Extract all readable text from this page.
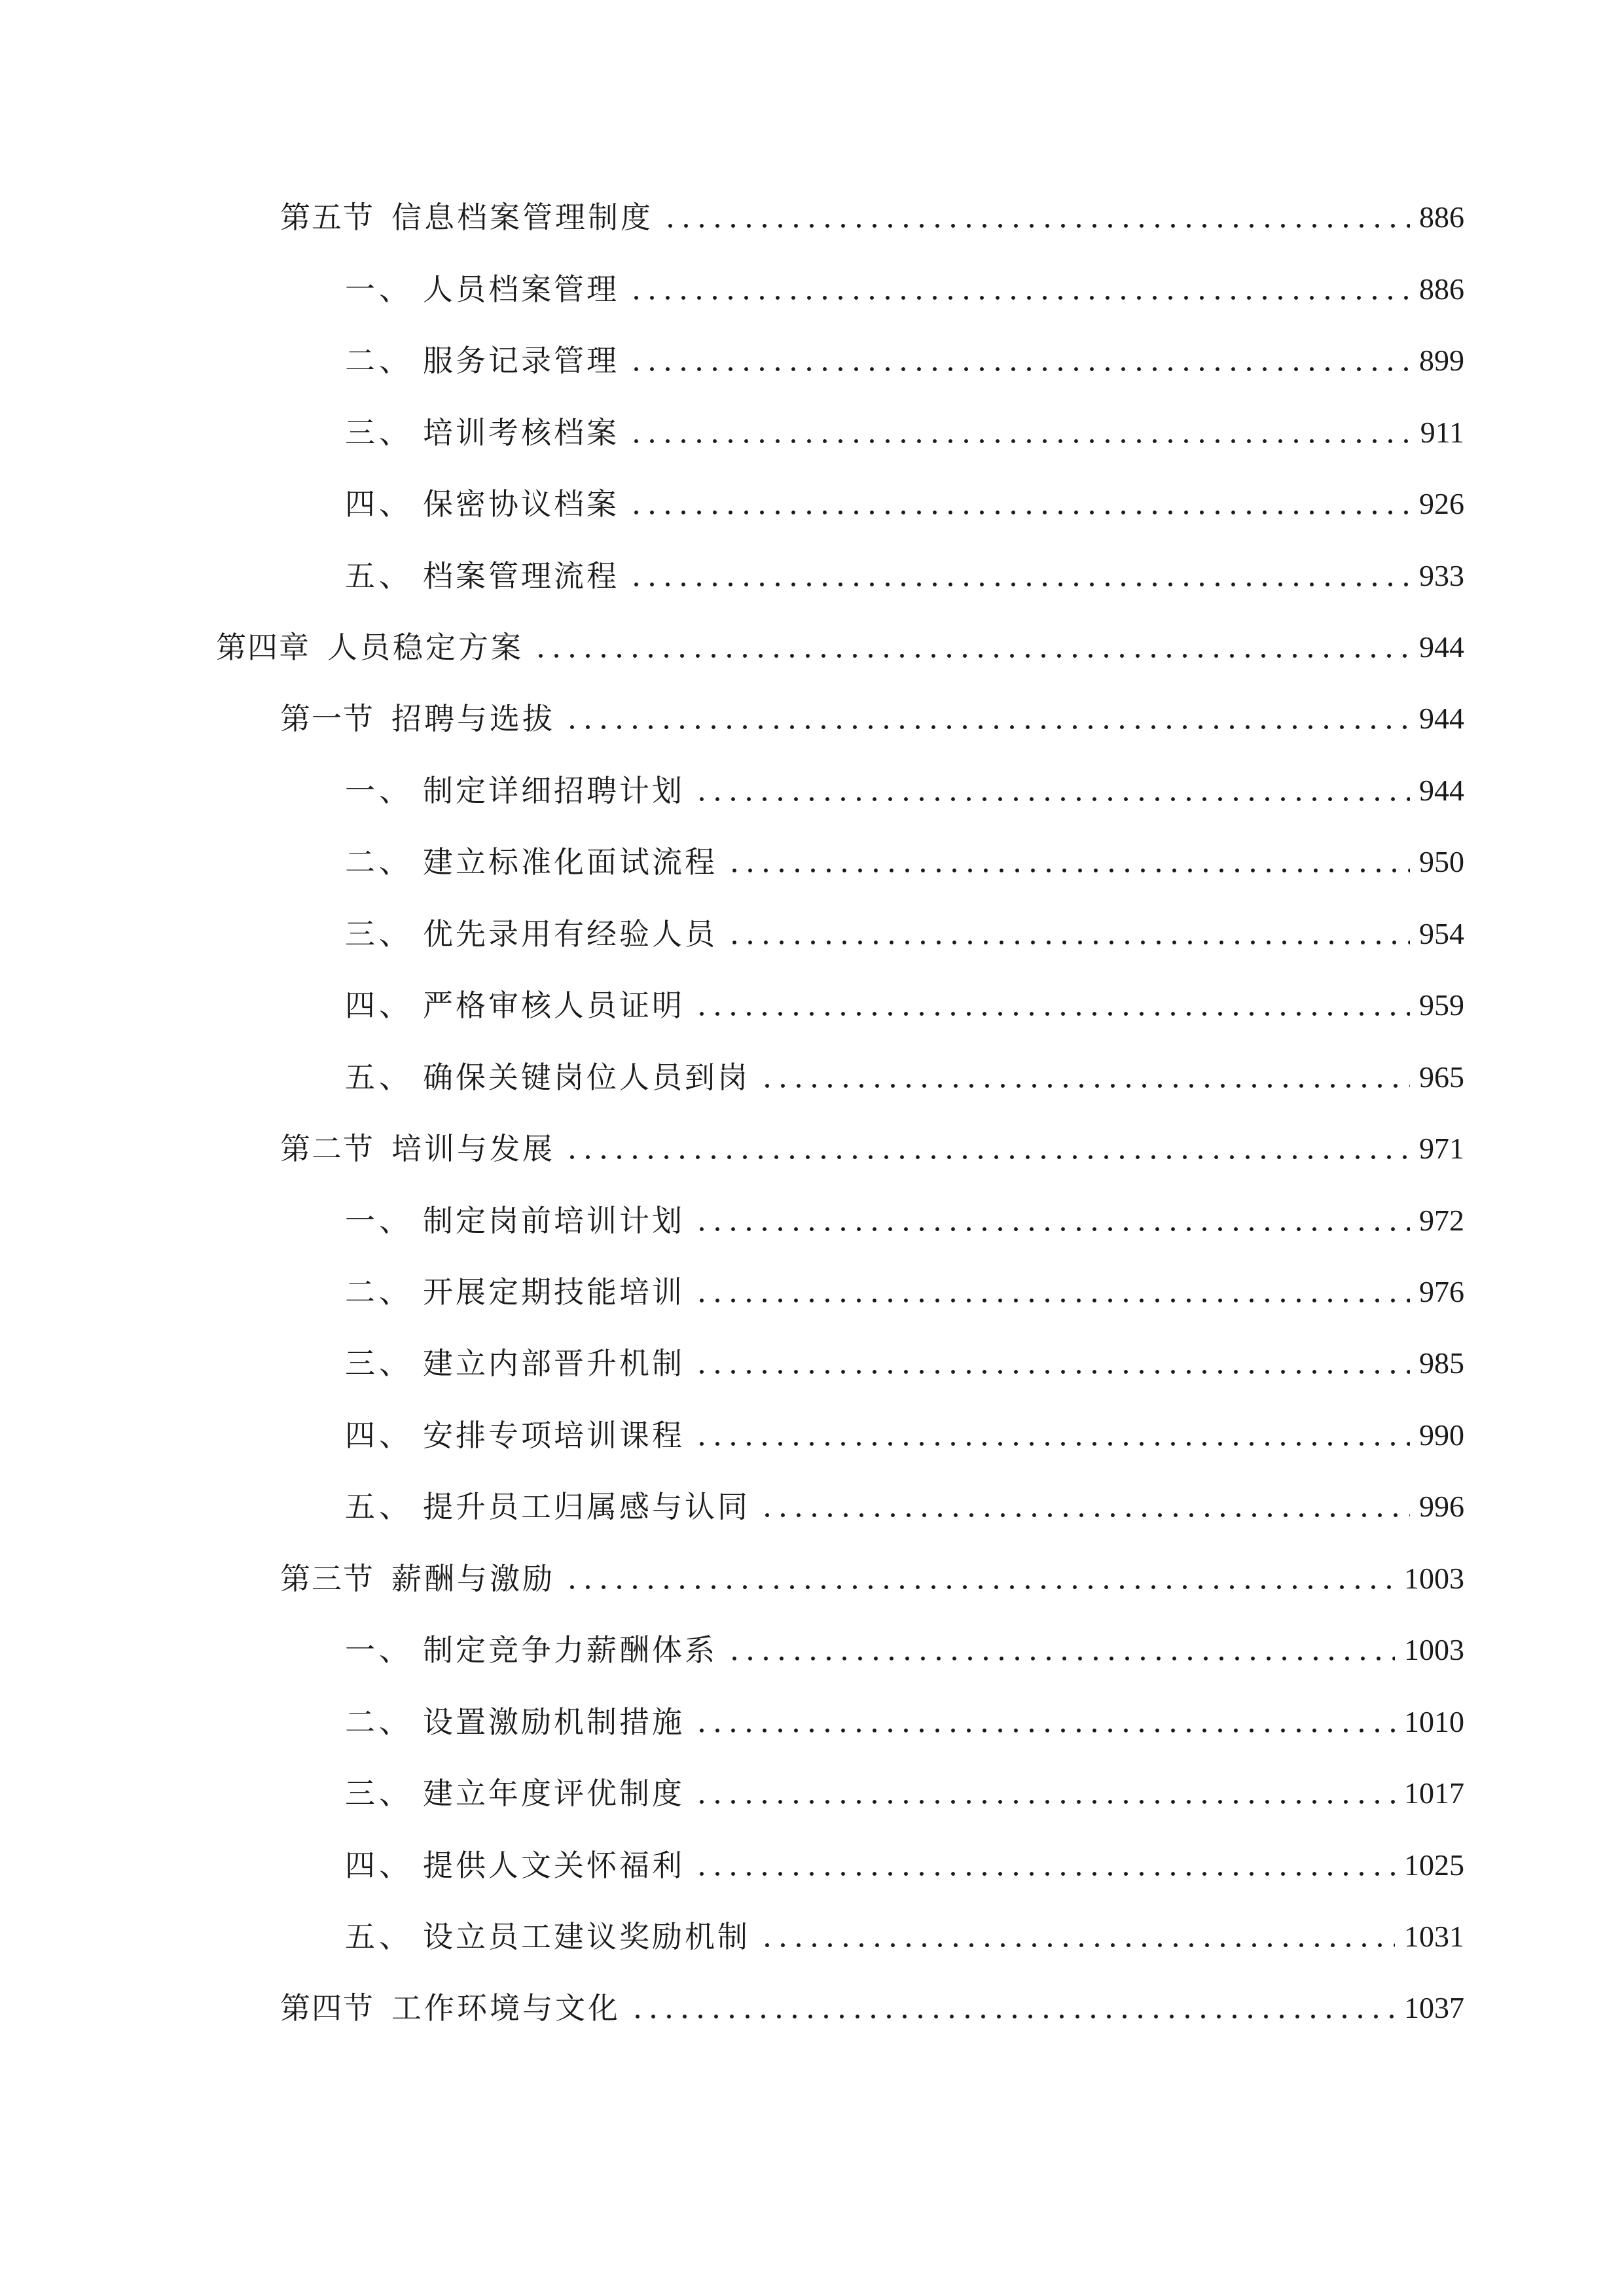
第五节 信息档案管理制度	886
一、 人员档案管理	886
二、 服务记录管理	899
三、 培训考核档案	911
四、 保密协议档案	926
五、 档案管理流程	933
第四章 人员稳定方案	944
第一节 招聘与选拔	944
一、 制定详细招聘计划	944
二、 建立标准化面试流程	950
三、 优先录用有经验人员	954
四、 严格审核人员证明	959
五、 确保关键岗位人员到岗	965
第二节 培训与发展	971
一、 制定岗前培训计划	972
二、 开展定期技能培训	976
三、 建立内部晋升机制	985
四、 安排专项培训课程	990
五、 提升员工归属感与认同	996
第三节 薪酬与激励	1003
一、 制定竞争力薪酬体系	1003
二、 设置激励机制措施	1010
三、 建立年度评优制度	1017
四、 提供人文关怀福利	1025
五、 设立员工建议奖励机制	1031
第四节 工作环境与文化	1037
